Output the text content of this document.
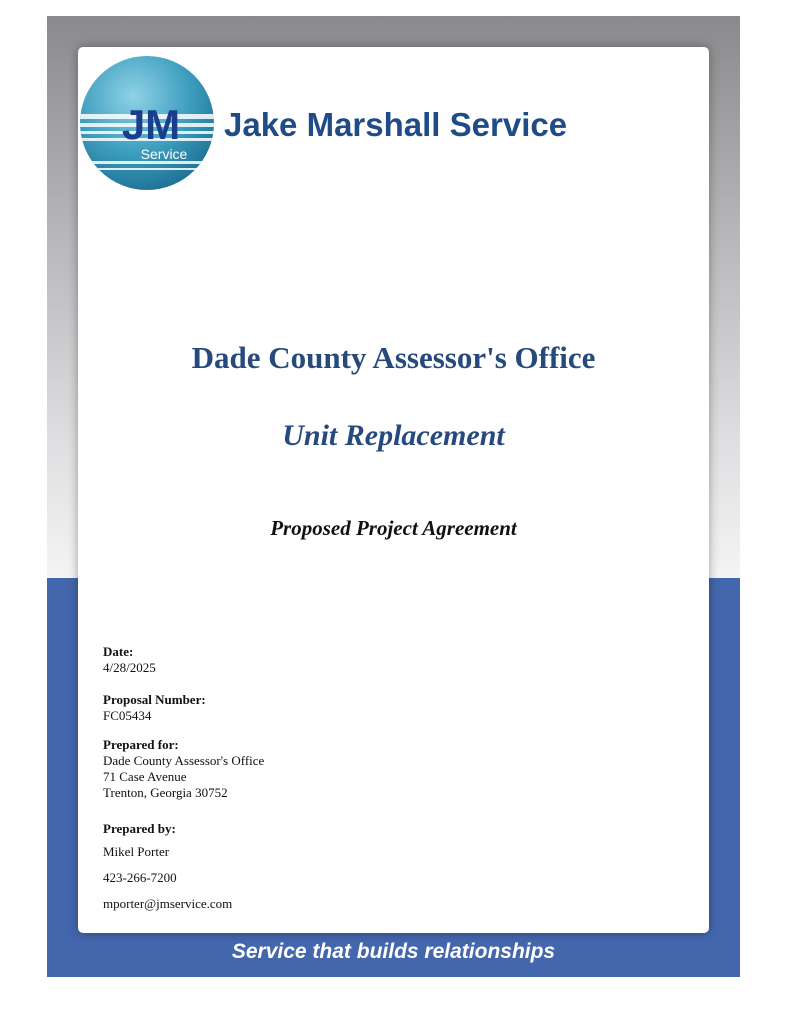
JM
Service
Jake Marshall Service
Dade County Assessor's Office
Unit Replacement
Proposed Project Agreement
Date:
4/28/2025
Proposal Number:
FC05434
Prepared for:
Dade County Assessor's Office
71 Case Avenue
Trenton, Georgia 30752
Prepared by:
Mikel Porter
423-266-7200
mporter@jmservice.com
Service that builds relationships
